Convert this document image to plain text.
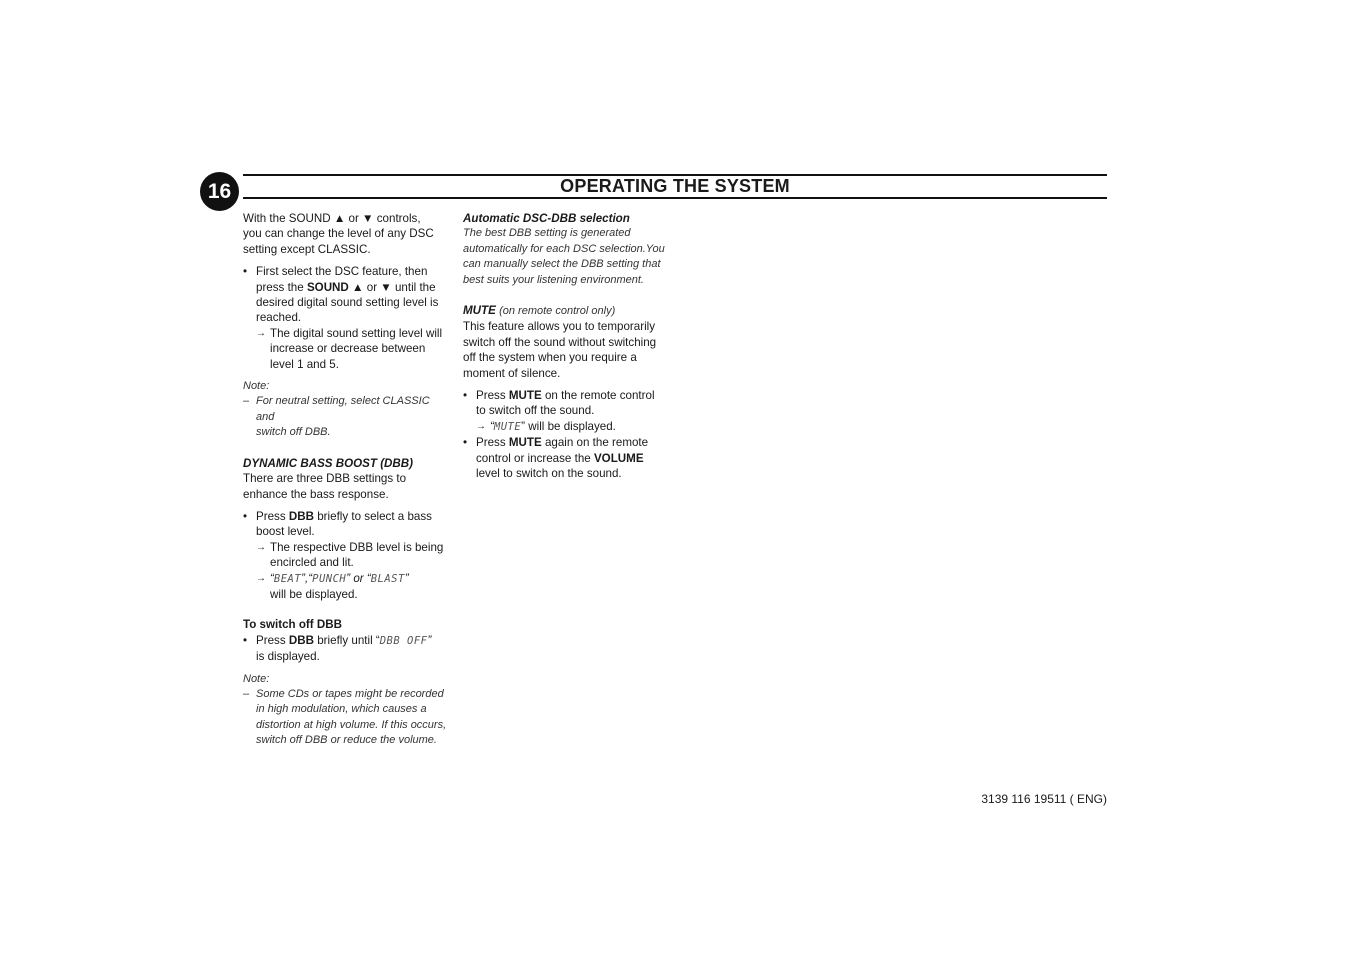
16	OPERATING THE SYSTEM

With the SOUND ▲ or ▼ controls,
you can change the level of any DSC
setting except CLASSIC.

• First select the DSC feature, then
press the SOUND ▲ or ▼ until the
desired digital sound setting level is
reached.
→ The digital sound setting level will
increase or decrease between
level 1 and 5.
Note:
– For neutral setting, select CLASSIC and
switch off DBB.
DYNAMIC BASS BOOST (DBB)

There are three DBB settings to
enhance the bass response.

• Press DBB briefly to select a bass
boost level.
→ The respective DBB level is being
encircled and lit.
→ “BEAT”,“PUNCH” or “BLAST”
will be displayed.
To switch off DBB
• Press DBB briefly until “DBB OFF”
is displayed.
Note:
– Some CDs or tapes might be recorded
in high modulation, which causes a
distortion at high volume. If this occurs,
switch off DBB or reduce the volume.
Automatic DSC-DBB selection

The best DBB setting is generated
automatically for each DSC selection.You
can manually select the DBB setting that
best suits your listening environment.

MUTE (on remote control only)

This feature allows you to temporarily
switch off the sound without switching
off the system when you require a
moment of silence.

• Press MUTE on the remote control
to switch off the sound.
→ “MUTE” will be displayed.
• Press MUTE again on the remote
control or increase the VOLUME
level to switch on the sound.
3139 116 19511 ( ENG)
